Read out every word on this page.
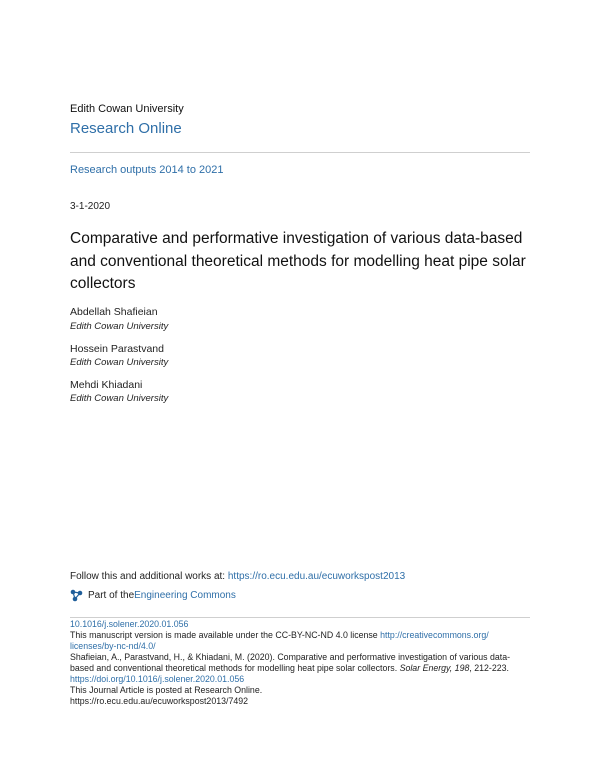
Edith Cowan University
Research Online
Research outputs 2014 to 2021
3-1-2020
Comparative and performative investigation of various data-based and conventional theoretical methods for modelling heat pipe solar collectors
Abdellah Shafieian
Edith Cowan University
Hossein Parastvand
Edith Cowan University
Mehdi Khiadani
Edith Cowan University
Follow this and additional works at: https://ro.ecu.edu.au/ecuworkspost2013
Part of the Engineering Commons
10.1016/j.solener.2020.01.056
This manuscript version is made available under the CC-BY-NC-ND 4.0 license http://creativecommons.org/
licenses/by-nc-nd/4.0/
Shafieian, A., Parastvand, H., & Khiadani, M. (2020). Comparative and performative investigation of various data-
based and conventional theoretical methods for modelling heat pipe solar collectors. Solar Energy, 198, 212-223.
https://doi.org/10.1016/j.solener.2020.01.056
This Journal Article is posted at Research Online.
https://ro.ecu.edu.au/ecuworkspost2013/7492
